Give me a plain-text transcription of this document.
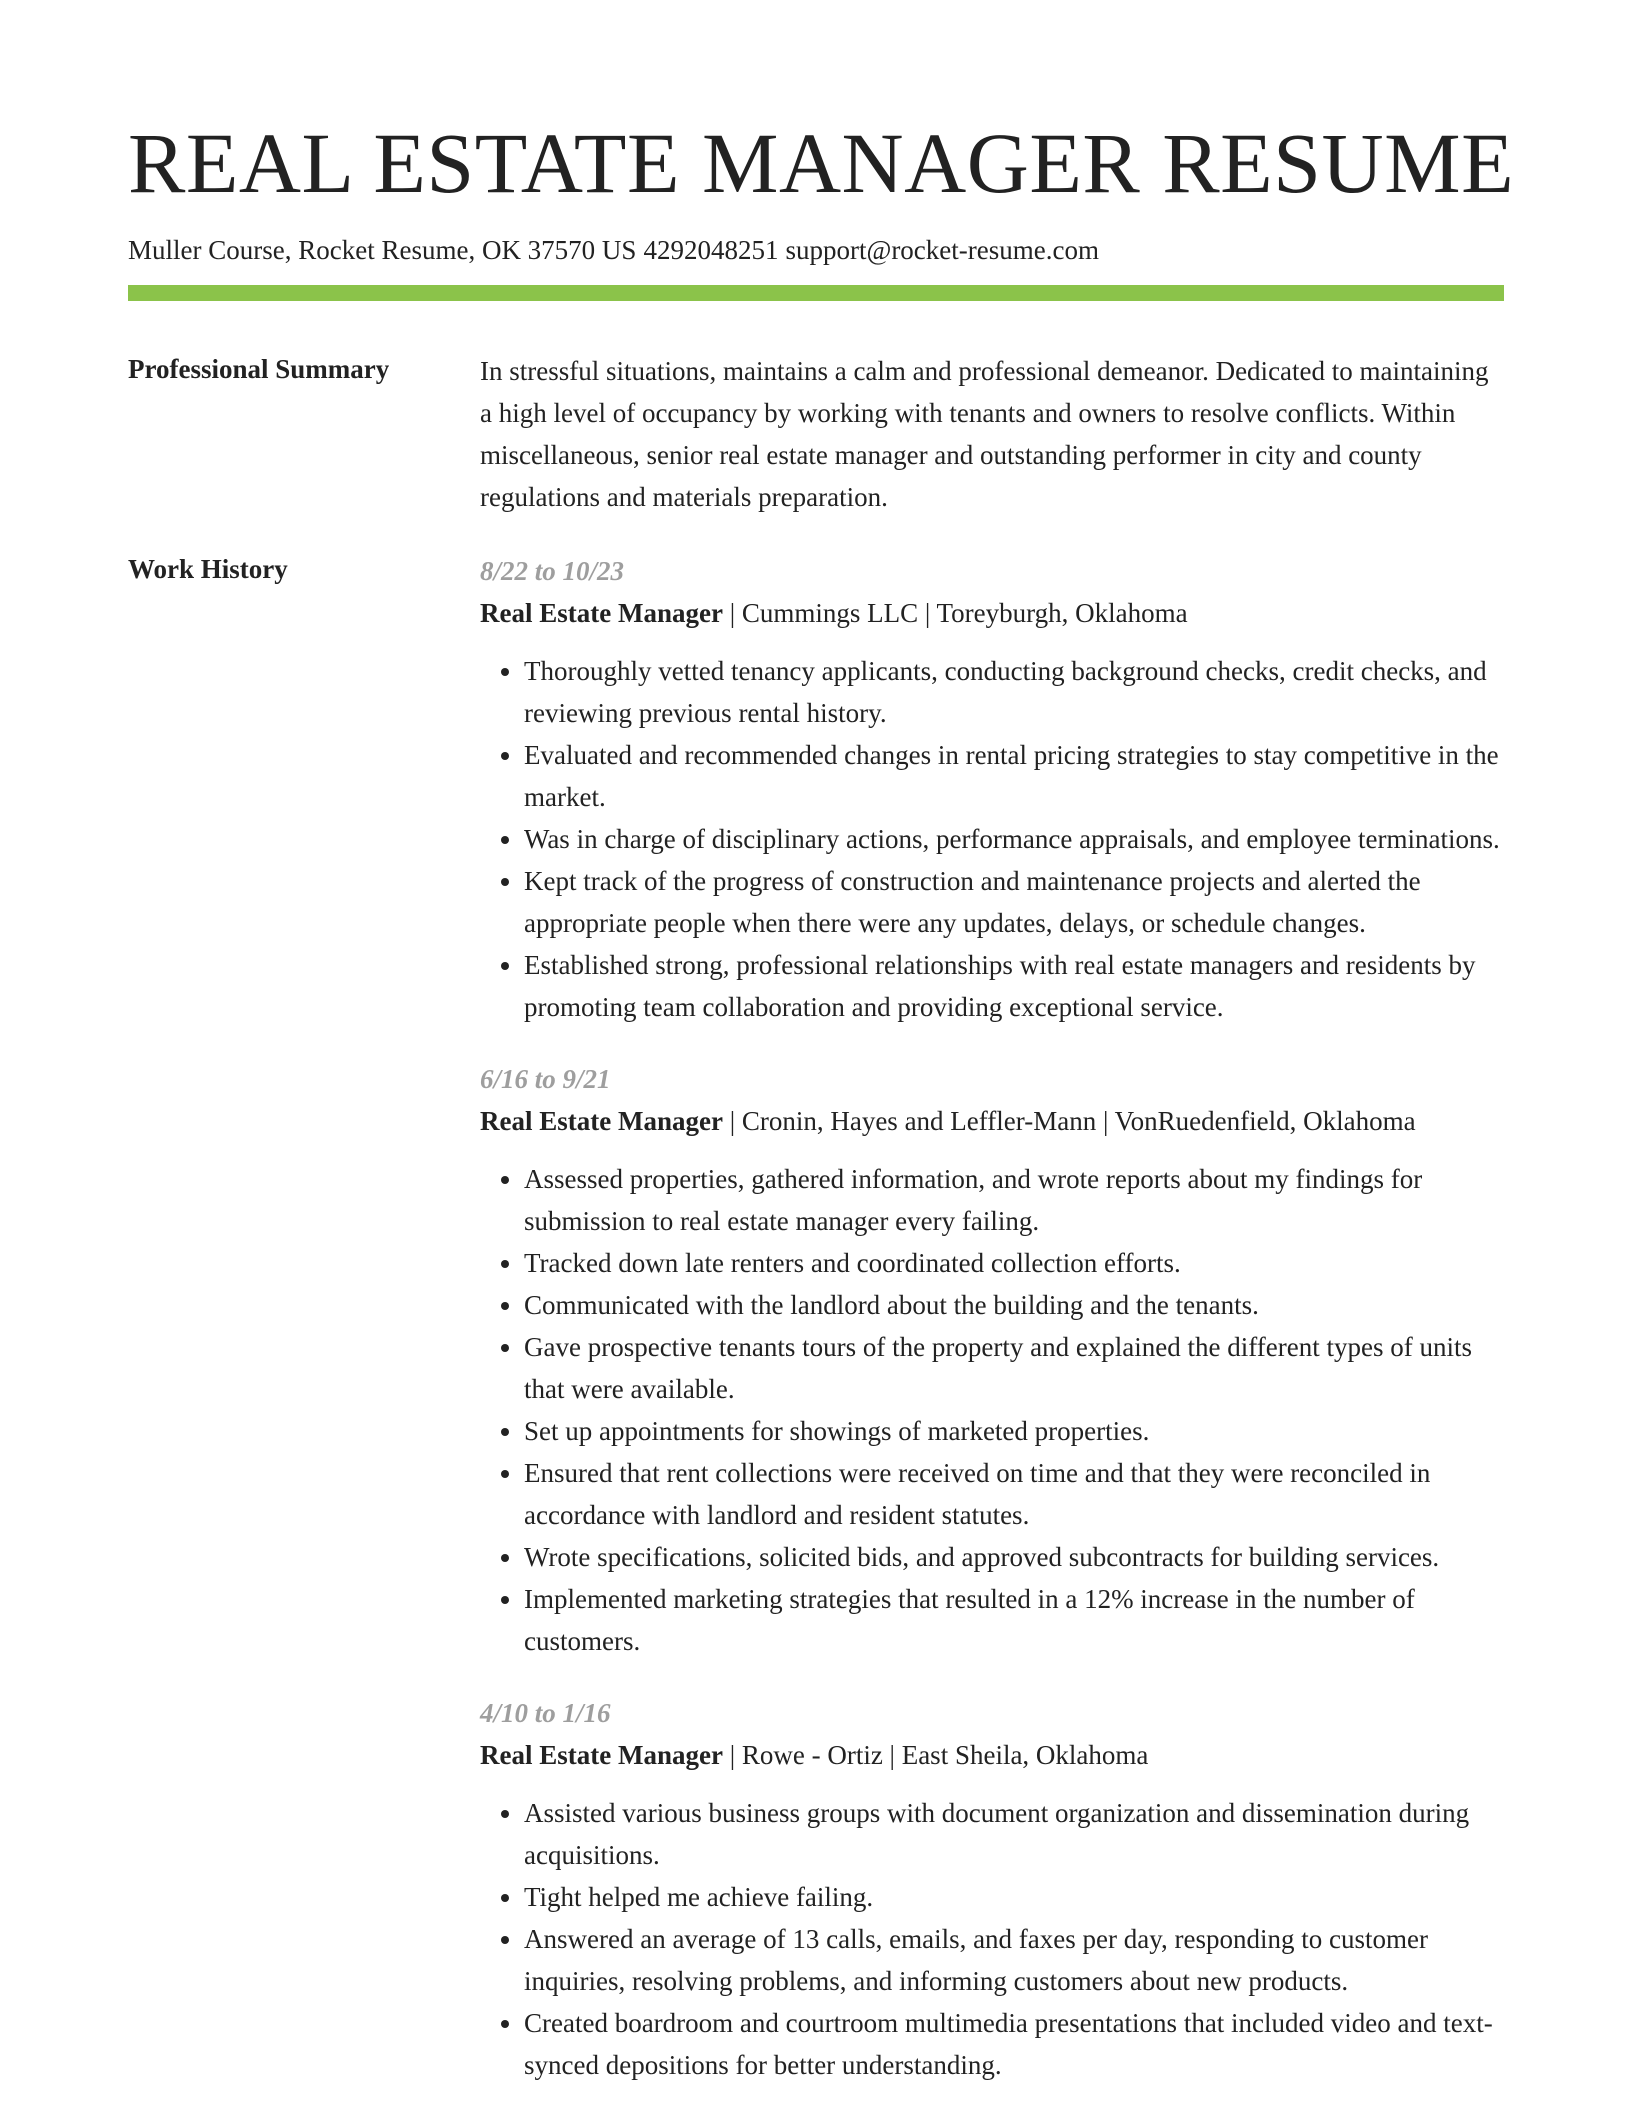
REAL ESTATE MANAGER RESUME
Muller Course, Rocket Resume, OK 37570 US 4292048251 support@rocket-resume.com
Professional Summary	In stressful situations, maintains a calm and professional demeanor. Dedicated to maintaining a high level of occupancy by working with tenants and owners to resolve conflicts. Within miscellaneous, senior real estate manager and outstanding performer in city and county regulations and materials preparation.

Work History	8/22 to 10/23
Real Estate Manager | Cummings LLC | Toreyburgh, Oklahoma
• Thoroughly vetted tenancy applicants, conducting background checks, credit checks, and reviewing previous rental history.
• Evaluated and recommended changes in rental pricing strategies to stay competitive in the market.
• Was in charge of disciplinary actions, performance appraisals, and employee terminations.
• Kept track of the progress of construction and maintenance projects and alerted the appropriate people when there were any updates, delays, or schedule changes.
• Established strong, professional relationships with real estate managers and residents by promoting team collaboration and providing exceptional service.
6/16 to 9/21
Real Estate Manager | Cronin, Hayes and Leffler-Mann | VonRuedenfield, Oklahoma
• Assessed properties, gathered information, and wrote reports about my findings for submission to real estate manager every failing.
• Tracked down late renters and coordinated collection efforts.
• Communicated with the landlord about the building and the tenants.
• Gave prospective tenants tours of the property and explained the different types of units that were available.
• Set up appointments for showings of marketed properties.
• Ensured that rent collections were received on time and that they were reconciled in accordance with landlord and resident statutes.
• Wrote specifications, solicited bids, and approved subcontracts for building services.
• Implemented marketing strategies that resulted in a 12% increase in the number of customers.
4/10 to 1/16
Real Estate Manager | Rowe - Ortiz | East Sheila, Oklahoma
• Assisted various business groups with document organization and dissemination during acquisitions.
• Tight helped me achieve failing.
• Answered an average of 13 calls, emails, and faxes per day, responding to customer inquiries, resolving problems, and informing customers about new products.
• Created boardroom and courtroom multimedia presentations that included video and text-synced depositions for better understanding.
